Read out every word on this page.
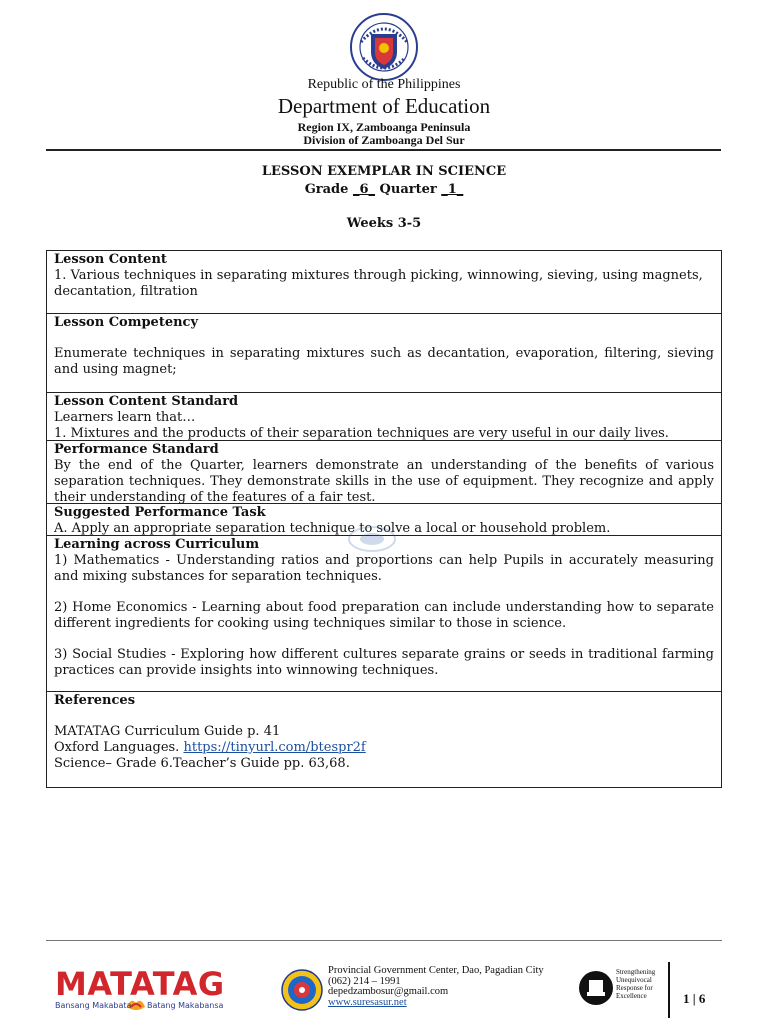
Republic of the Philippines
Department of Education
Region IX, Zamboanga Peninsula
Division of Zamboanga Del Sur
LESSON EXEMPLAR IN SCIENCE
Grade _6_ Quarter _1_
Weeks 3-5
Lesson Content
1. Various techniques in separating mixtures through picking, winnowing, sieving, using magnets, decantation, filtration
Lesson Competency
Enumerate techniques in separating mixtures such as decantation, evaporation, filtering, sieving and using magnet;
Lesson Content Standard
Learners learn that…
1. Mixtures and the products of their separation techniques are very useful in our daily lives.
Performance Standard
By the end of the Quarter, learners demonstrate an understanding of the benefits of various separation techniques. They demonstrate skills in the use of equipment. They recognize and apply their understanding of the features of a fair test.
Suggested Performance Task
A. Apply an appropriate separation technique to solve a local or household problem.
Learning across Curriculum
1) Mathematics - Understanding ratios and proportions can help Pupils in accurately measuring and mixing substances for separation techniques.
2) Home Economics - Learning about food preparation can include understanding how to separate different ingredients for cooking using techniques similar to those in science.
3) Social Studies - Exploring how different cultures separate grains or seeds in traditional farming practices can provide insights into winnowing techniques.
References
MATATAG Curriculum Guide p. 41
Oxford Languages. https://tinyurl.com/btespr2f
Science– Grade 6.Teacher’s Guide pp. 63,68.
MATATAG
Bansang Makabata Batang Makabansa
Provincial Government Center, Dao, Pagadian City
(062) 214 – 1991
depedzambosur@gmail.com
www.suresasur.net
Strengthening
Unequivocal
Response for
Excellence	1 | 6
